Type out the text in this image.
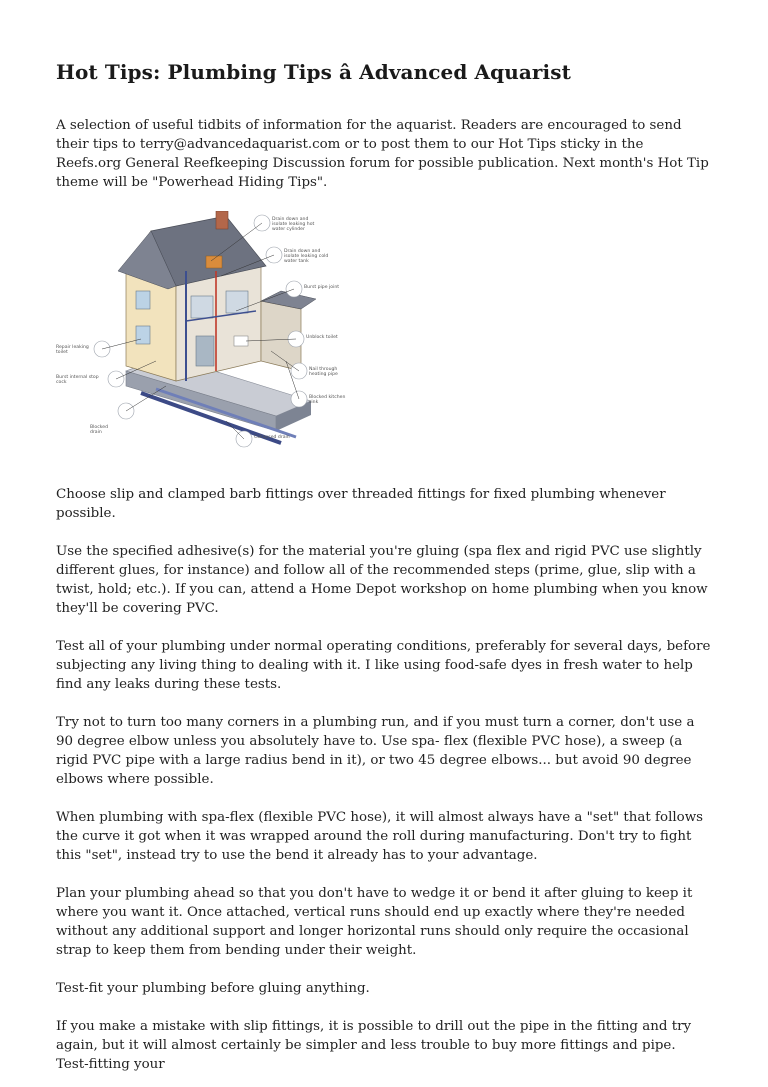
Hot Tips: Plumbing Tips â Advanced Aquarist

A selection of useful tidbits of information for the aquarist. Readers are encouraged to send their tips to terry@advancedaquarist.com or to post them to our Hot Tips sticky in the Reefs.org General Reefkeeping Discussion forum for possible publication. Next month's Hot Tip theme will be "Powerhead Hiding Tips".

Drain down and isolate leaking hot water cylinder
Drain down and isolate leaking cold water tank
Burst pipe joint
Unblock toilet
Nail through heating pipe
Blocked kitchen sink
Collapsed drain
Repair leaking toilet
Burst internal stop cock
Blocked drain

Choose slip and clamped barb fittings over threaded fittings for fixed plumbing whenever possible.

Use the specified adhesive(s) for the material you're gluing (spa flex and rigid PVC use slightly different glues, for instance) and follow all of the recommended steps (prime, glue, slip with a twist, hold; etc.). If you can, attend a Home Depot workshop on home plumbing when you know they'll be covering PVC.

Test all of your plumbing under normal operating conditions, preferably for several days, before subjecting any living thing to dealing with it. I like using food-safe dyes in fresh water to help find any leaks during these tests.

Try not to turn too many corners in a plumbing run, and if you must turn a corner, don't use a 90 degree elbow unless you absolutely have to. Use spa- flex (flexible PVC hose), a sweep (a rigid PVC pipe with a large radius bend in it), or two 45 degree elbows... but avoid 90 degree elbows where possible.

When plumbing with spa-flex (flexible PVC hose), it will almost always have a "set" that follows the curve it got when it was wrapped around the roll during manufacturing. Don't try to fight this "set", instead try to use the bend it already has to your advantage.

Plan your plumbing ahead so that you don't have to wedge it or bend it after gluing to keep it where you want it. Once attached, vertical runs should end up exactly where they're needed without any additional support and longer horizontal runs should only require the occasional strap to keep them from bending under their weight.

Test-fit your plumbing before gluing anything.

If you make a mistake with slip fittings, it is possible to drill out the pipe in the fitting and try again, but it will almost certainly be simpler and less trouble to buy more fittings and pipe. Test-fitting your
